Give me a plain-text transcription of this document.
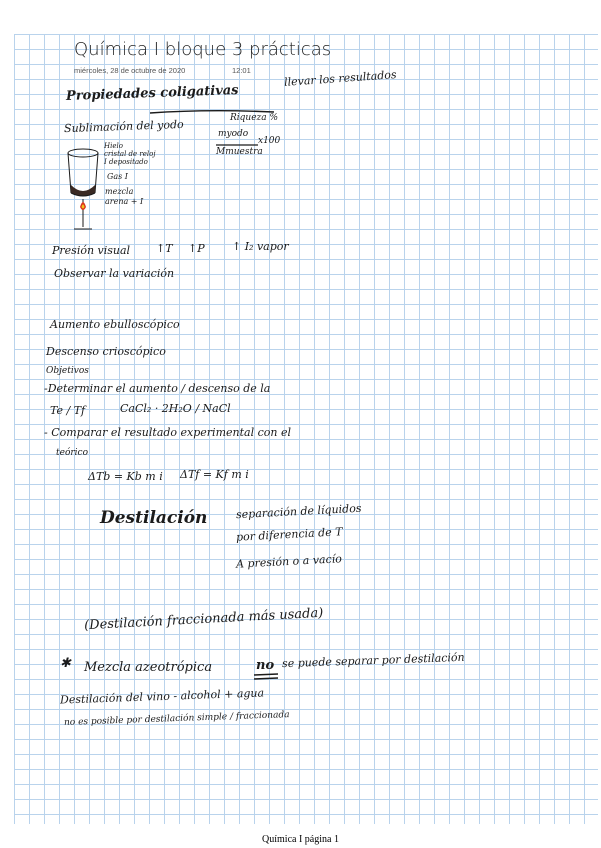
Química I bloque 3 prácticas
miércoles, 28 de octubre de 2020	12:01	llevar los resultados
Propiedades coligativas
Sublimación del yodo	Riqueza %
myodo
x100
Mmuestra
Hielo
cristal de reloj
I depositado
Gas I
mezcla
arena + I
Presión visual ↑T ↑P ↑ I₂ vapor
Observar la variación
Aumento ebulloscópico
Descenso crioscópico
Objetivos
-Determinar el aumento / descenso de la
Te / Tf	CaCl₂ · 2H₂O / NaCl
- Comparar el resultado experimental con el
teórico
ΔTb = Kb m i ΔTf = Kf m i
Destilación	separación de líquidos
por diferencia de T
A presión o a vacío
(Destilación fraccionada más usada)
✱ Mezcla azeotrópica	no se puede separar por destilación
Destilación del vino - alcohol + agua
no es posible por destilación simple / fraccionada
Química I página 1
